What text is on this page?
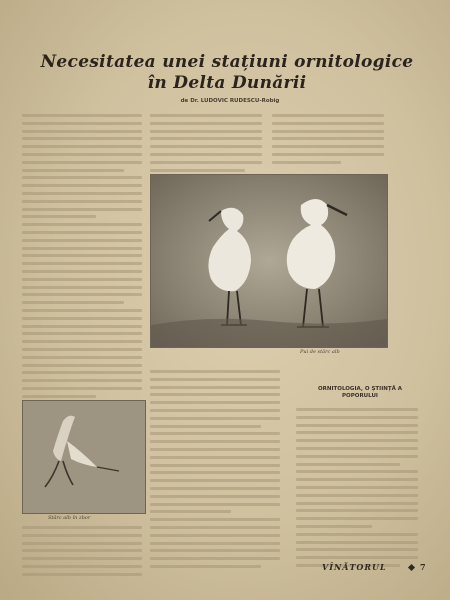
Necesitatea unei stațiuni ornitologice
în Delta Dunării
de Dr. LUDOVIC RUDESCU-Robig
Stârc alb în zbor
Pui de stârc alb
ORNITOLOGIA, O ȘTIINȚĂ A POPORULUI
VÎNĂTORUL	7
